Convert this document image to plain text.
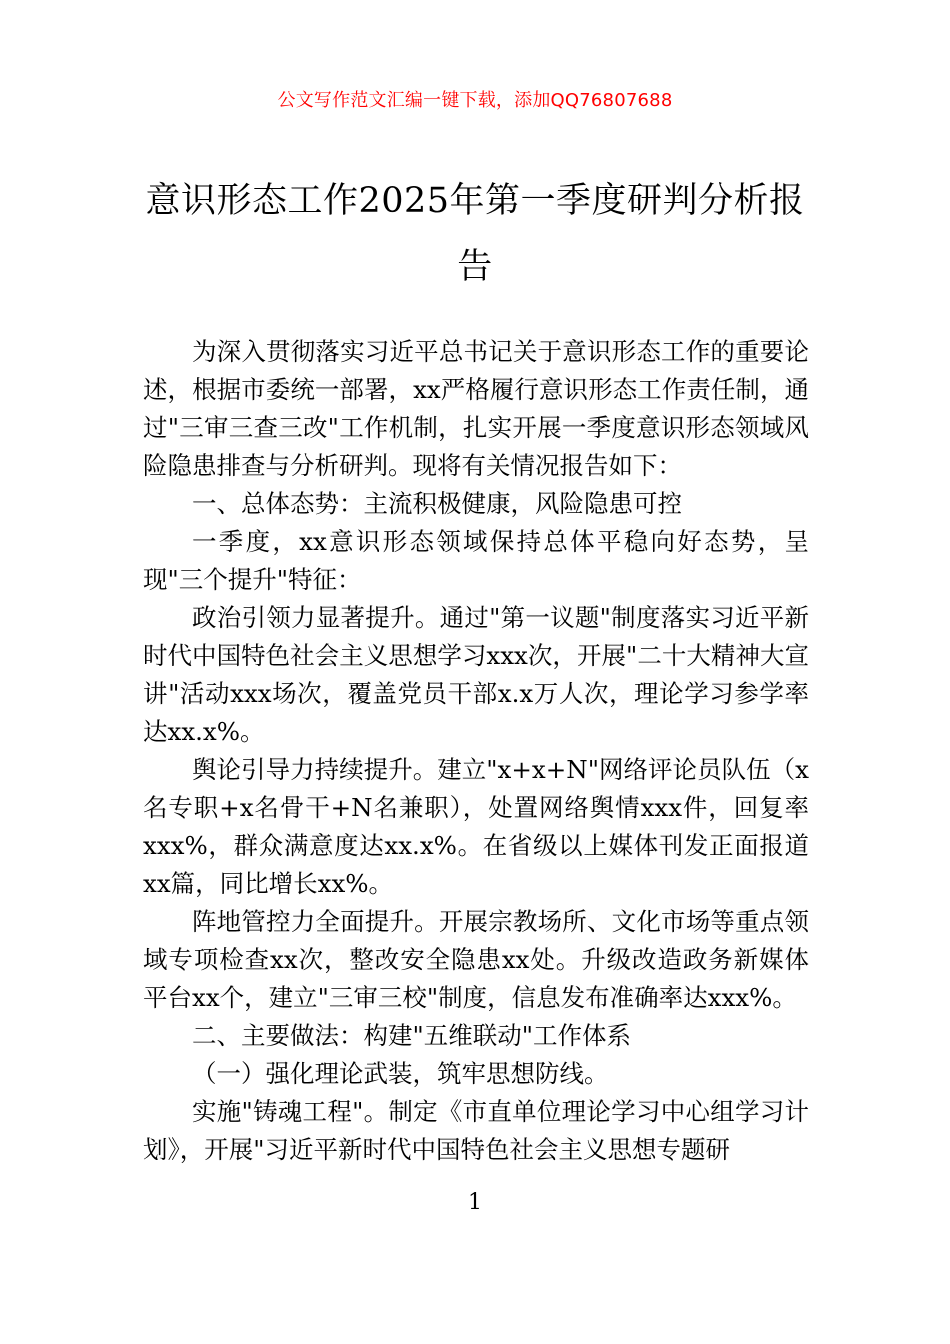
公文写作范文汇编一键下载，添加QQ76807688
意识形态工作2025年第一季度研判分析报告

为深入贯彻落实习近平总书记关于意识形态工作的重要论述，根据市委统一部署，xx严格履行意识形态工作责任制，通过"三审三查三改"工作机制，扎实开展一季度意识形态领域风险隐患排查与分析研判。现将有关情况报告如下：

一、总体态势：主流积极健康，风险隐患可控

一季度，xx意识形态领域保持总体平稳向好态势，呈现"三个提升"特征：

政治引领力显著提升。通过"第一议题"制度落实习近平新时代中国特色社会主义思想学习xxx次，开展"二十大精神大宣讲"活动xxx场次，覆盖党员干部x.x万人次，理论学习参学率达xx.x%。

舆论引导力持续提升。建立"x+x+N"网络评论员队伍（x名专职+x名骨干+N名兼职），处置网络舆情xxx件，回复率xxx%，群众满意度达xx.x%。在省级以上媒体刊发正面报道xx篇，同比增长xx%。

阵地管控力全面提升。开展宗教场所、文化市场等重点领域专项检查xx次，整改安全隐患xx处。升级改造政务新媒体平台xx个，建立"三审三校"制度，信息发布准确率达xxx%。

二、主要做法：构建"五维联动"工作体系

（一）强化理论武装，筑牢思想防线。

实施"铸魂工程"。制定《市直单位理论学习中心组学习计划》，开展"习近平新时代中国特色社会主义思想专题研

1
